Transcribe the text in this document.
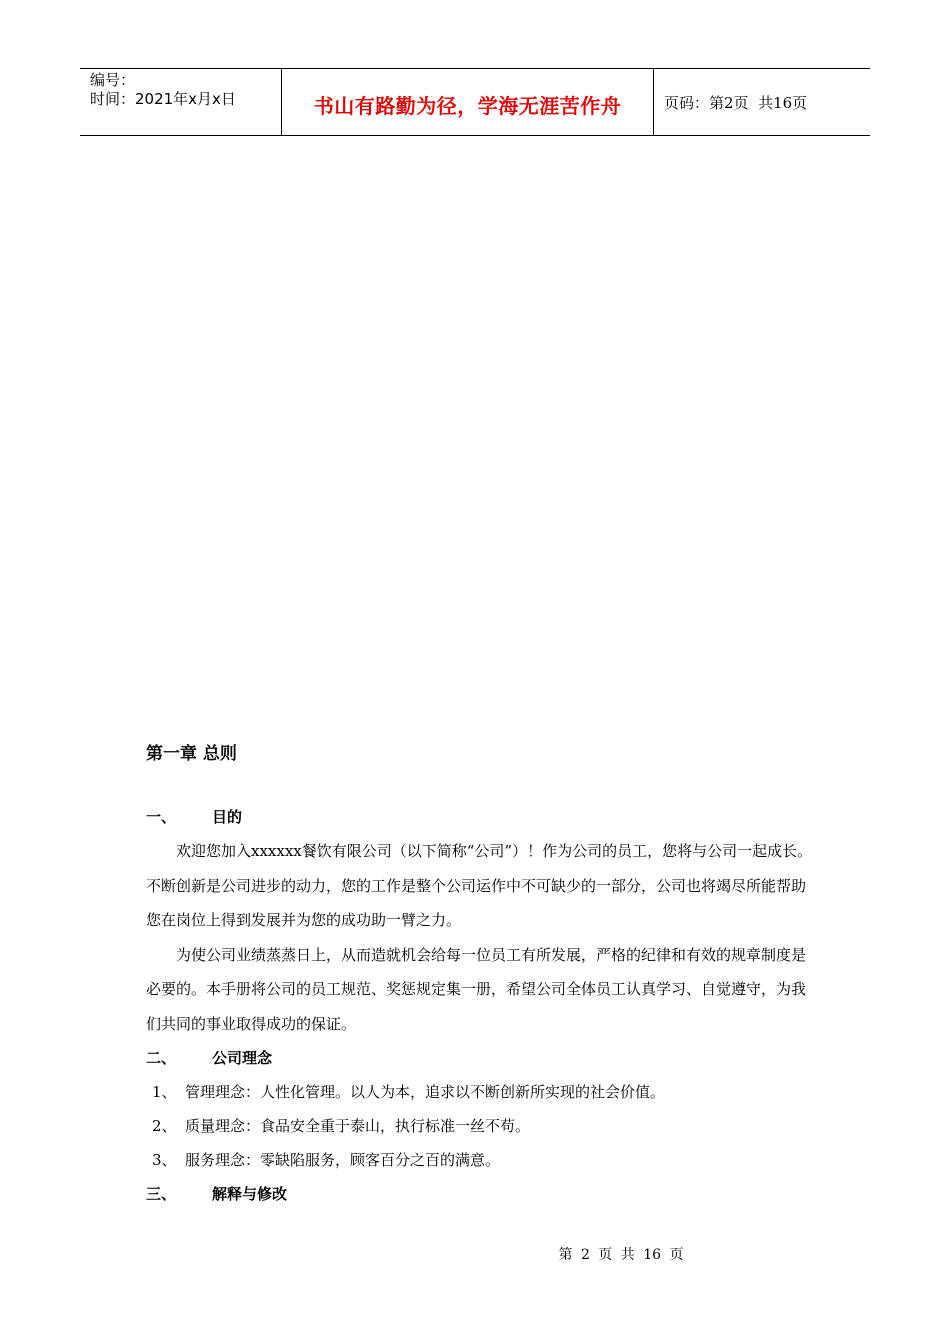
编号：
时间：2021年x月x日	书山有路勤为径，学海无涯苦作舟	页码：第2页  共16页
第一章 总则
一、	目的

欢迎您加入xxxxxx餐饮有限公司（以下简称“公司”）！作为公司的员工，您将与公司一起成长。不断创新是公司进步的动力，您的工作是整个公司运作中不可缺少的一部分，公司也将竭尽所能帮助您在岗位上得到发展并为您的成功助一臂之力。

为使公司业绩蒸蒸日上，从而造就机会给每一位员工有所发展，严格的纪律和有效的规章制度是必要的。本手册将公司的员工规范、奖惩规定集一册，希望公司全体员工认真学习、自觉遵守，为我们共同的事业取得成功的保证。

二、	公司理念
1、 管理理念：人性化管理。以人为本，追求以不断创新所实现的社会价值。
2、 质量理念：食品安全重于泰山，执行标准一丝不苟。
3、 服务理念：零缺陷服务，顾客百分之百的满意。
三、	解释与修改
第 2 页 共 16 页
